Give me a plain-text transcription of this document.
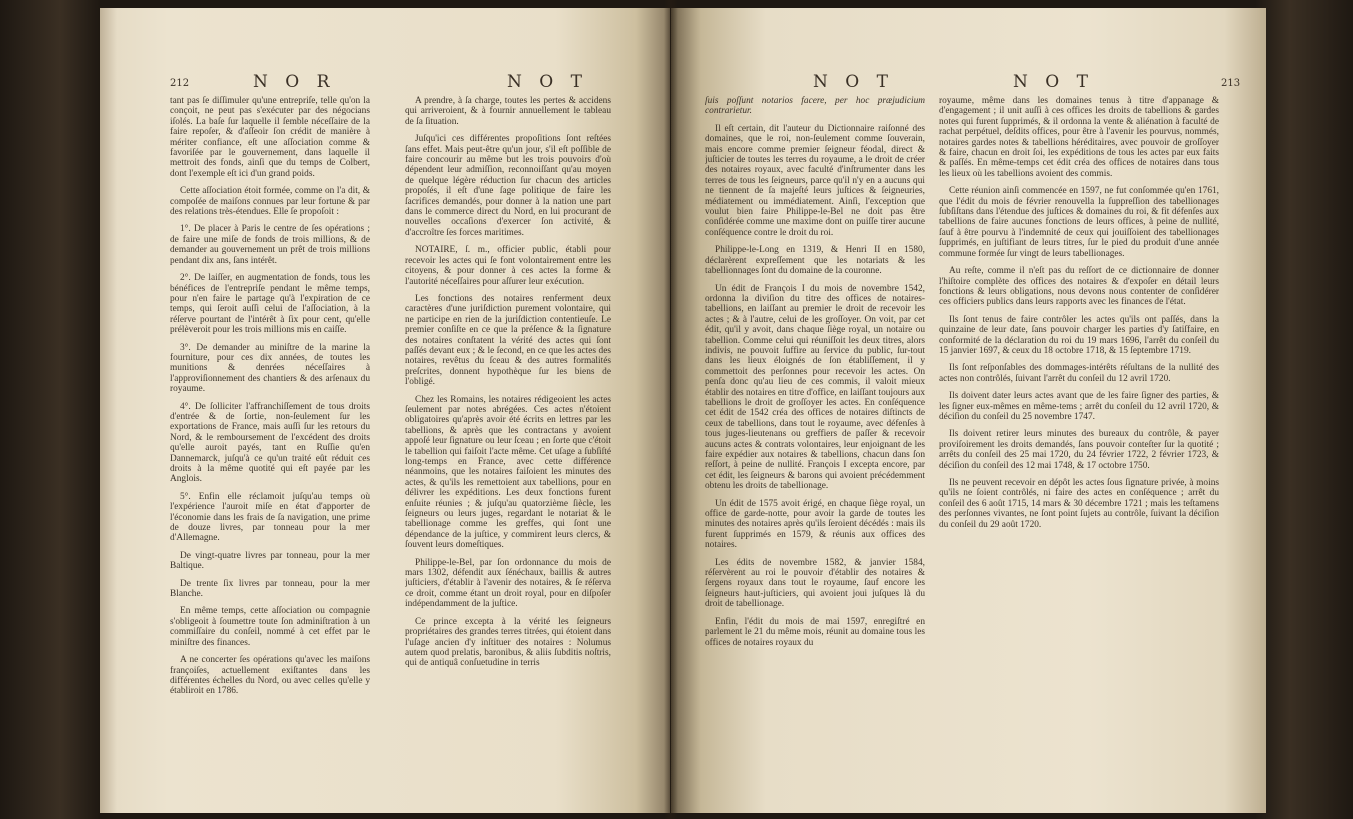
212	N O R	N O T

tant pas ſe diſſimuler qu'une entrepriſe, telle qu'on la conçoit, ne peut pas s'exécuter par des négocians iſolés. La baſe ſur laquelle il ſemble néceſſaire de la faire repoſer, & d'aſſeoir ſon crédit de manière à mériter confiance, eſt une aſſociation comme & favoriſée par le gouvernement, dans laquelle il mettroit des fonds, ainſi que du temps de Colbert, dont l'exemple eſt ici d'un grand poids.

Cette aſſociation étoit formée, comme on l'a dit, & compoſée de maiſons connues par leur fortune & par des relations très-étendues. Elle ſe propoſoit :

1°. De placer à Paris le centre de ſes opérations ; de faire une miſe de fonds de trois millions, & de demander au gouvernement un prêt de trois millions pendant dix ans, ſans intérêt.

2°. De laiſſer, en augmentation de fonds, tous les bénéfices de l'entrepriſe pendant le même temps, pour n'en faire le partage qu'à l'expiration de ce temps, qui ſeroit auſſi celui de l'aſſociation, à la réſerve pourtant de l'intérêt à ſix pour cent, qu'elle prélèveroit pour les trois millions mis en caiſſe.

3°. De demander au miniſtre de la marine la fourniture, pour ces dix années, de toutes les munitions & denrées néceſſaires à l'approviſionnement des chantiers & des arſenaux du royaume.

4°. De ſolliciter l'affranchiſſement de tous droits d'entrée & de ſortie, non-ſeulement ſur les exportations de France, mais auſſi ſur les retours du Nord, & le remboursement de l'excédent des droits qu'elle auroit payés, tant en Ruſſie qu'en Dannemarck, juſqu'à ce qu'un traité eût réduit ces droits à la même quotité qui eſt payée par les Anglois.

5°. Enfin elle réclamoit juſqu'au temps où l'expérience l'auroit miſe en état d'apporter de l'économie dans les frais de ſa navigation, une prime de douze livres, par tonneau pour la mer d'Allemagne.

De vingt-quatre livres par tonneau, pour la mer Baltique.

De trente ſix livres par tonneau, pour la mer Blanche.

En même temps, cette aſſociation ou compagnie s'obligeoit à ſoumettre toute ſon adminiſtration à un commiſſaire du conſeil, nommé à cet effet par le miniſtre des finances.

A ne concerter ſes opérations qu'avec les maiſons françoiſes, actuellement exiſtantes dans les différentes échelles du Nord, ou avec celles qu'elle y établiroit en 1786.

A prendre, à ſa charge, toutes les pertes & accidens qui arriveroient, & à fournir annuellement le tableau de ſa ſituation.

Juſqu'ici ces différentes propoſitions ſont reſtées ſans effet. Mais peut-être qu'un jour, s'il eſt poſſible de faire concourir au même but les trois pouvoirs d'où dépendent leur admiſſion, reconnoiſſant qu'au moyen de quelque légère réduction ſur chacun des articles propoſés, il eſt d'une ſage politique de faire les ſacrifices demandés, pour donner à la nation une part dans le commerce direct du Nord, en lui procurant de nouvelles occaſions d'exercer ſon activité, & d'accroître ſes forces maritimes.

NOTAIRE, ſ. m., officier public, établi pour recevoir les actes qui ſe font volontairement entre les citoyens, & pour donner à ces actes la forme & l'autorité néceſſaires pour aſſurer leur exécution.

Les fonctions des notaires renferment deux caractères d'une juriſdiction purement volontaire, qui ne participe en rien de la juriſdiction contentieuſe. Le premier conſiſte en ce que la préſence & la ſignature des notaires conſtatent la vérité des actes qui ſont paſſés devant eux ; & le ſecond, en ce que les actes des notaires, revêtus du ſceau & des autres formalités preſcrites, donnent hypothèque ſur les biens de l'obligé.

Chez les Romains, les notaires rédigeoient les actes ſeulement par notes abrégées. Ces actes n'étoient obligatoires qu'après avoir été écrits en lettres par les tabellions, & après que les contractans y avoient appoſé leur ſignature ou leur ſceau ; en ſorte que c'étoit le tabellion qui faiſoit l'acte même. Cet uſage a ſubſiſté long-temps en France, avec cette différence néanmoins, que les notaires faiſoient les minutes des actes, & qu'ils les remettoient aux tabellions, pour en délivrer les expéditions. Les deux fonctions furent enſuite réunies ; & juſqu'au quatorzième ſiècle, les ſeigneurs ou leurs juges, regardant le notariat & le tabellionage comme les greffes, qui ſont une dépendance de la juſtice, y commirent leurs clercs, & ſouvent leurs domeſtiques.

Philippe-le-Bel, par ſon ordonnance du mois de mars 1302, défendit aux ſénéchaux, baillis & autres juſticiers, d'établir à l'avenir des notaires, & ſe réſerva ce droit, comme étant un droit royal, pour en diſpoſer indépendamment de la juſtice.

Ce prince excepta à la vérité les ſeigneurs propriétaires des grandes terres titrées, qui étoient dans l'uſage ancien d'y inſtituer des notaires : Nolumus autem quod prelatis, baronibus, & aliis ſubditis noſtris, qui de antiquâ conſuetudine in terris

N O T	N O T	213

ſuis poſſunt notarios facere, per hoc præjudicium contrarietur.

Il eſt certain, dit l'auteur du Dictionnaire raiſonné des domaines, que le roi, non-ſeulement comme ſouverain, mais encore comme premier ſeigneur féodal, direct & juſticier de toutes les terres du royaume, a le droit de créer des notaires royaux, avec faculté d'inſtrumenter dans les terres de tous les ſeigneurs, parce qu'il n'y en a aucuns qui ne tiennent de ſa majeſté leurs juſtices & ſeigneuries, médiatement ou immédiatement. Ainſi, l'exception que voulut bien faire Philippe-le-Bel ne doit pas être conſidérée comme une maxime dont on puiſſe tirer aucune conſéquence contre le droit du roi.

Philippe-le-Long en 1319, & Henri II en 1580, déclarèrent expreſſement que les notariats & les tabellionnages ſont du domaine de la couronne.

Un édit de François I du mois de novembre 1542, ordonna la diviſion du titre des offices de notaires-tabellions, en laiſſant au premier le droit de recevoir les actes ; & à l'autre, celui de les groſſoyer. On voit, par cet édit, qu'il y avoit, dans chaque ſiège royal, un notaire ou tabellion. Comme celui qui réuniſſoit les deux titres, alors indivis, ne pouvoit ſuffire au ſervice du public, ſur-tout dans les lieux éloignés de ſon établiſſement, il y commettoit des perſonnes pour recevoir les actes. On penſa donc qu'au lieu de ces commis, il valoit mieux établir des notaires en titre d'office, en laiſſant toujours aux tabellions le droit de groſſoyer les actes. En conſéquence cet édit de 1542 créa des offices de notaires diſtincts de ceux de tabellions, dans tout le royaume, avec défenſes à tous juges-lieutenans ou greffiers de paſſer & recevoir aucuns actes & contrats volontaires, leur enjoignant de les faire expédier aux notaires & tabellions, chacun dans ſon reſſort, à peine de nullité. François I excepta encore, par cet édit, les ſeigneurs & barons qui avoient précédemment obtenu les droits de tabellionage.

Un édit de 1575 avoit érigé, en chaque ſiège royal, un office de garde-notte, pour avoir la garde de toutes les minutes des notaires après qu'ils ſeroient décédés : mais ils furent ſupprimés en 1579, & réunis aux offices des notaires.

Les édits de novembre 1582, & janvier 1584, réſervèrent au roi le pouvoir d'établir des notaires & ſergens royaux dans tout le royaume, ſauf encore les ſeigneurs haut-juſticiers, qui avoient joui juſques là du droit de tabellionage.

Enfin, l'édit du mois de mai 1597, enregiſtré en parlement le 21 du même mois, réunit au domaine tous les offices de notaires royaux du

royaume, même dans les domaines tenus à titre d'appanage & d'engagement ; il unit auſſi à ces offices les droits de tabellions & gardes notes qui furent ſupprimés, & il ordonna la vente & aliénation à faculté de rachat perpétuel, deſdits offices, pour être à l'avenir les pourvus, nommés, notaires gardes notes & tabellions héréditaires, avec pouvoir de groſſoyer & faire, chacun en droit ſoi, les expéditions de tous les actes par eux faits & paſſés. En même-temps cet édit créa des offices de notaires dans tous les lieux où les tabellions avoient des commis.

Cette réunion ainſi commencée en 1597, ne fut conſommée qu'en 1761, que l'édit du mois de février renouvella la ſuppreſſion des tabellionages ſubſiſtans dans l'étendue des juſtices & domaines du roi, & fit défenſes aux tabellions de faire aucunes fonctions de leurs offices, à peine de nullité, ſauf à être pourvu à l'indemnité de ceux qui jouiſſoient des tabellionages ſupprimés, en juſtifiant de leurs titres, ſur le pied du produit d'une année commune formée ſur vingt de leurs tabellionages.

Au reſte, comme il n'eſt pas du reſſort de ce dictionnaire de donner l'hiſtoire complète des offices des notaires & d'expoſer en détail leurs fonctions & leurs obligations, nous devons nous contenter de conſidérer ces officiers publics dans leurs rapports avec les finances de l'état.

Ils ſont tenus de faire contrôler les actes qu'ils ont paſſés, dans la quinzaine de leur date, ſans pouvoir charger les parties d'y ſatiſfaire, en conformité de la déclaration du roi du 19 mars 1696, l'arrêt du conſeil du 15 janvier 1697, & ceux du 18 octobre 1718, & 15 ſeptembre 1719.

Ils ſont reſponſables des dommages-intérêts réſultans de la nullité des actes non contrôlés, ſuivant l'arrêt du conſeil du 12 avril 1720.

Ils doivent dater leurs actes avant que de les faire ſigner des parties, & les ſigner eux-mêmes en même-tems ; arrêt du conſeil du 12 avril 1720, & déciſion du conſeil du 25 novembre 1747.

Ils doivent retirer leurs minutes des bureaux du contrôle, & payer proviſoirement les droits demandés, ſans pouvoir conteſter ſur la quotité ; arrêts du conſeil des 25 mai 1720, du 24 février 1722, 2 février 1723, & déciſion du conſeil des 12 mai 1748, & 17 octobre 1750.

Ils ne peuvent recevoir en dépôt les actes ſous ſignature privée, à moins qu'ils ne ſoient contrôlés, ni faire des actes en conſéquence ; arrêt du conſeil des 6 août 1715, 14 mars & 30 décembre 1721 ; mais les teſtamens des perſonnes vivantes, ne ſont point ſujets au contrôle, ſuivant la déciſion du conſeil du 29 août 1720.
